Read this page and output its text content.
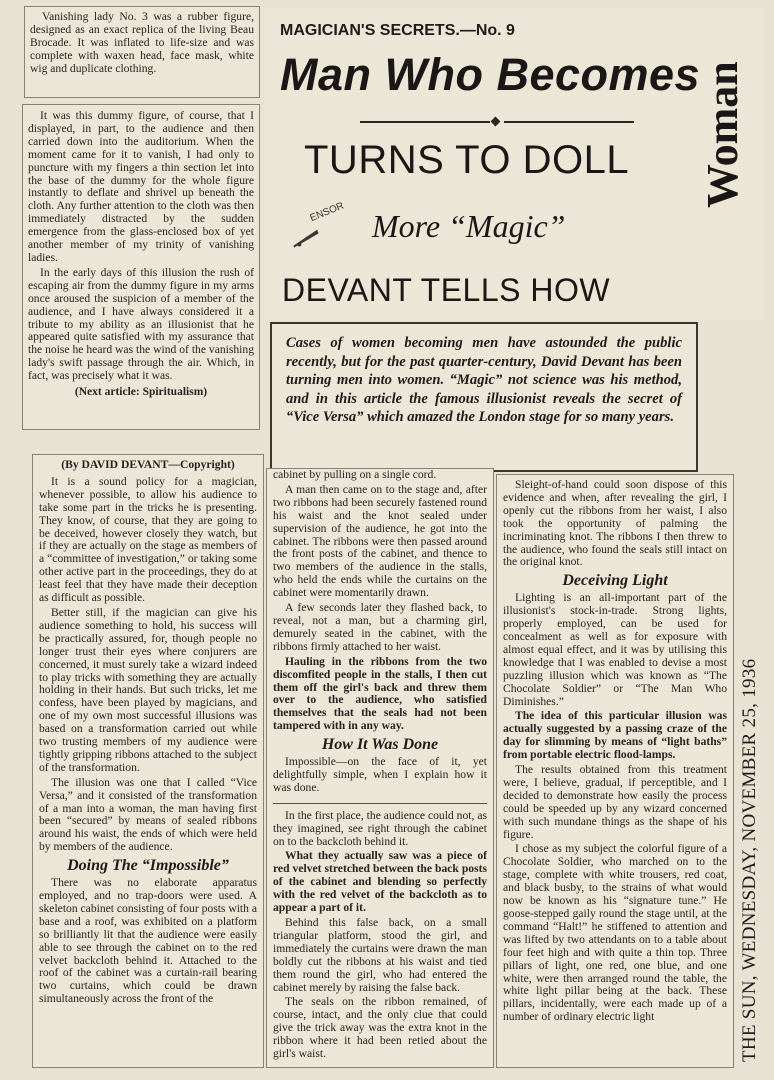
Vanishing lady No. 3 was a rubber figure, designed as an exact replica of the living Beau Brocade. It was inflated to life-size and was complete with waxen head, face mask, white wig and duplicate clothing.

It was this dummy figure, of course, that I displayed, in part, to the audience and then carried down into the auditorium. When the moment came for it to vanish, I had only to puncture with my fingers a thin section let into the base of the dummy for the whole figure instantly to deflate and shrivel up beneath the cloth. Any further attention to the cloth was then immediately distracted by the sudden emergence from the glass-enclosed box of yet another member of my trinity of vanishing ladies.

In the early days of this illusion the rush of escaping air from the dummy figure in my arms once aroused the suspicion of a member of the audience, and I have always considered it a tribute to my ability as an illusionist that he appeared quite satisfied with my assurance that the noise he heard was the wind of the vanishing lady's swift passage through the air. Which, in fact, was precisely what it was.

(Next article: Spiritualism)
MAGICIAN'S SECRETS.—No. 9
Man Who Becomes
TURNS TO DOLL Woman
ENSOR More “Magic”
DEVANT TELLS HOW
Cases of women becoming men have astounded the public recently, but for the past quarter-century, David Devant has been turning men into women. “Magic” not science was his method, and in this article the famous illusionist reveals the secret of “Vice Versa” which amazed the London stage for so many years.
THE SUN, WEDNESDAY, NOVEMBER 25, 1936
(By DAVID DEVANT—Copyright)

It is a sound policy for a magician, whenever possible, to allow his audience to take some part in the tricks he is presenting. They know, of course, that they are going to be deceived, however closely they watch, but if they are actually on the stage as members of a “committee of investigation,” or taking some other active part in the proceedings, they do at least feel that they have made their deception as difficult as possible.

Better still, if the magician can give his audience something to hold, his success will be practically assured, for, though people no longer trust their eyes where conjurers are concerned, it must surely take a wizard indeed to play tricks with something they are actually holding in their hands. But such tricks, let me confess, have been played by magicians, and one of my own most successful illusions was based on a transformation carried out while two trusting members of my audience were tightly gripping ribbons attached to the subject of the transformation.

The illusion was one that I called “Vice Versa,” and it consisted of the transformation of a man into a woman, the man having first been “secured” by means of sealed ribbons around his waist, the ends of which were held by members of the audience.

Doing The “Impossible”

There was no elaborate apparatus employed, and no trap-doors were used. A skeleton cabinet consisting of four posts with a base and a roof, was exhibited on a platform so brilliantly lit that the audience were easily able to see through the cabinet on to the red velvet backcloth behind it. Attached to the roof of the cabinet was a curtain-rail bearing two curtains, which could be drawn simultaneously across the front of the

cabinet by pulling on a single cord.

A man then came on to the stage and, after two ribbons had been securely fastened round his waist and the knot sealed under supervision of the audience, he got into the cabinet. The ribbons were then passed around the front posts of the cabinet, and thence to two members of the audience in the stalls, who held the ends while the curtains on the cabinet were momentarily drawn.

A few seconds later they flashed back, to reveal, not a man, but a charming girl, demurely seated in the cabinet, with the ribbons firmly attached to her waist.

Hauling in the ribbons from the two discomfited people in the stalls, I then cut them off the girl's back and threw them over to the audience, who satisfied themselves that the seals had not been tampered with in any way.

How It Was Done

Impossible—on the face of it, yet delightfully simple, when I explain how it was done.

In the first place, the audience could not, as they imagined, see right through the cabinet on to the backcloth behind it.

What they actually saw was a piece of red velvet stretched between the back posts of the cabinet and blending so perfectly with the red velvet of the backcloth as to appear a part of it.

Behind this false back, on a small triangular platform, stood the girl, and immediately the curtains were drawn the man boldly cut the ribbons at his waist and tied them round the girl, who had entered the cabinet merely by raising the false back.

The seals on the ribbon remained, of course, intact, and the only clue that could give the trick away was the extra knot in the ribbon where it had been retied about the girl's waist.

Sleight-of-hand could soon dispose of this evidence and when, after revealing the girl, I openly cut the ribbons from her waist, I also took the opportunity of palming the incriminating knot. The ribbons I then threw to the audience, who found the seals still intact on the original knot.

Deceiving Light

Lighting is an all-important part of the illusionist's stock-in-trade. Strong lights, properly employed, can be used for concealment as well as for exposure with almost equal effect, and it was by utilising this knowledge that I was enabled to devise a most puzzling illusion which was known as “The Chocolate Soldier” or “The Man Who Diminishes.”

The idea of this particular illusion was actually suggested by a passing craze of the day for slimming by means of “light baths” from portable electric flood-lamps.

The results obtained from this treatment were, I believe, gradual, if perceptible, and I decided to demonstrate how easily the process could be speeded up by any wizard concerned with such mundane things as the shape of his figure.

I chose as my subject the colorful figure of a Chocolate Soldier, who marched on to the stage, complete with white trousers, red coat, and black busby, to the strains of what would now be known as his “signature tune.” He goose-stepped gaily round the stage until, at the command “Halt!” he stiffened to attention and was lifted by two attendants on to a table about four feet high and with quite a thin top. Three pillars of light, one red, one blue, and one white, were then arranged round the table, the white light pillar being at the back. These pillars, incidentally, were each made up of a number of ordinary electric light
